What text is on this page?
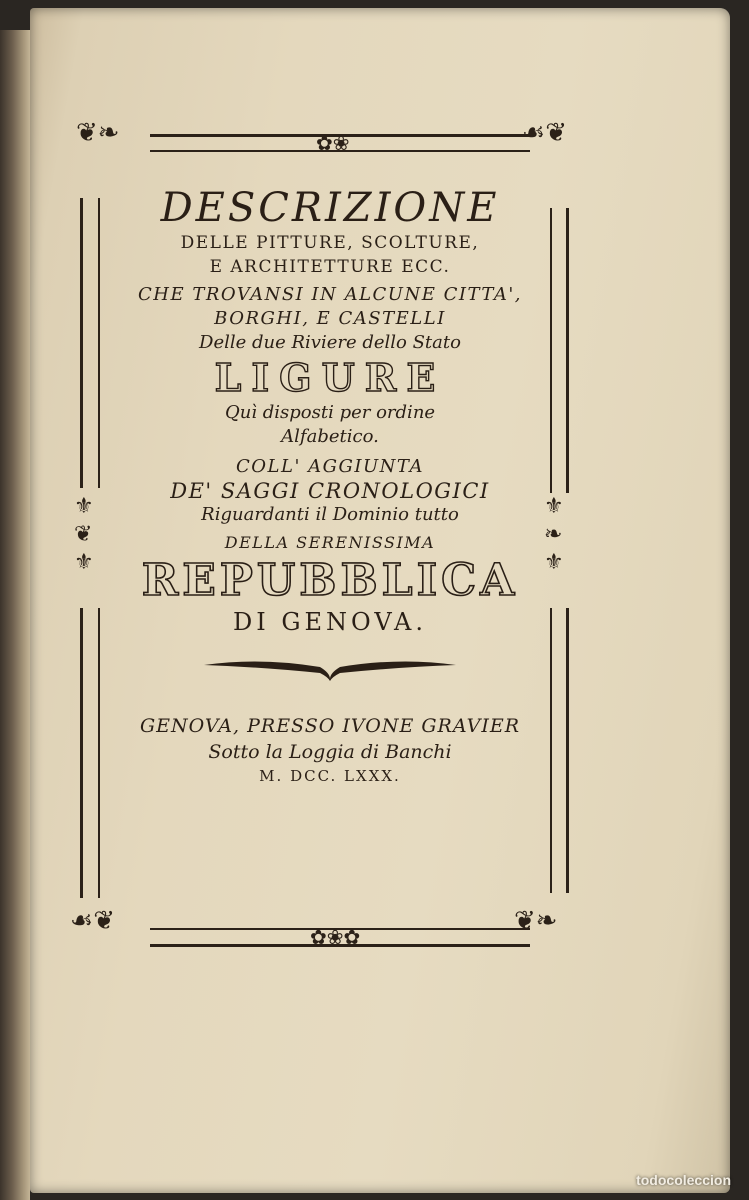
❦❧	☙❦
✿❀
⚜
❦
⚜
⚜
❧
⚜
☙❦	❦❧
✿❀✿
DESCRIZIONE
DELLE PITTURE, SCOLTURE,
E ARCHITETTURE ECC.
CHE TROVANSI IN ALCUNE CITTA',
BORGHI, E CASTELLI
Delle due Riviere dello Stato
LIGURE
Quì disposti per ordine
Alfabetico.
COLL' AGGIUNTA
DE' SAGGI CRONOLOGICI
Riguardanti il Dominio tutto
DELLA SERENISSIMA
REPUBBLICA
DI GENOVA.
GENOVA, PRESSO IVONE GRAVIER
Sotto la Loggia di Banchi
M. DCC. LXXX.
todocoleccion
